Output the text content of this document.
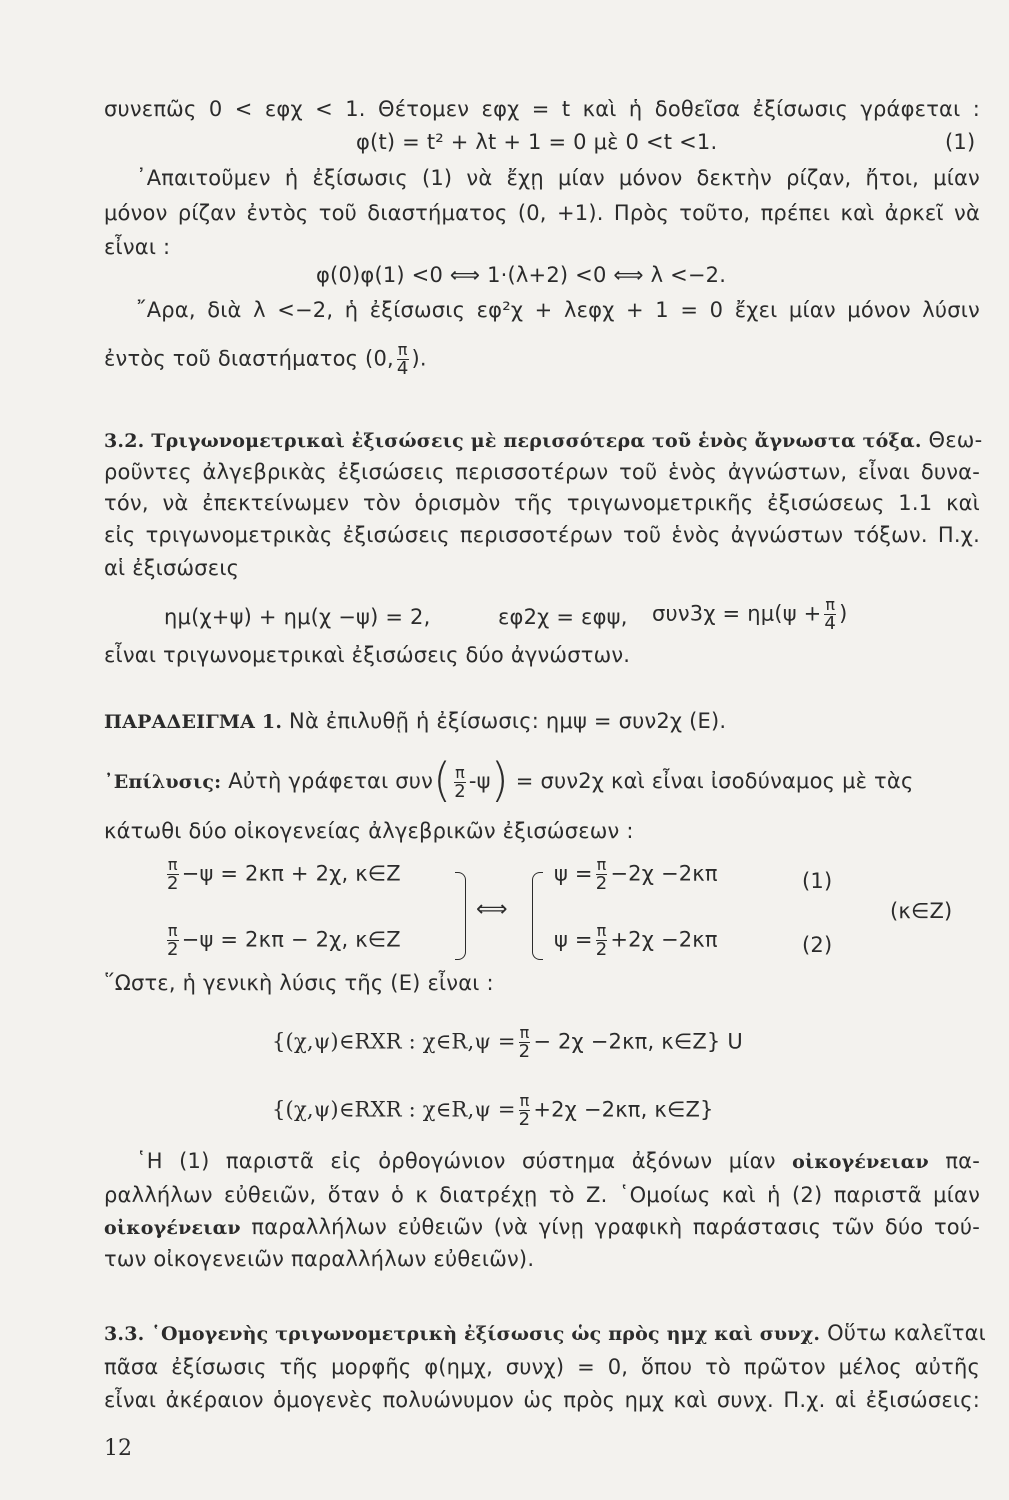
συνεπῶς 0 < εφχ < 1. Θέτομεν εφχ = t καὶ ἡ δοθεῖσα ἐξίσωσις γράφεται :
φ(t) = t² + λt + 1 = 0 μὲ 0 <t <1.	(1)
᾿Απαιτοῦμεν ἡ ἐξίσωσις (1) νὰ ἔχῃ μίαν μόνον δεκτὴν ρίζαν, ἤτοι, μίαν
μόνον ρίζαν ἐντὸς τοῦ διαστήματος (0, +1). Πρὸς τοῦτο, πρέπει καὶ ἀρκεῖ νὰ
εἶναι :
φ(0)φ(1) <0 ⟺ 1·(λ+2) <0 ⟺ λ <−2.
῎Αρα, διὰ λ <−2, ἡ ἐξίσωσις εφ²χ + λεφχ + 1 = 0 ἔχει μίαν μόνον λύσιν
ἐντὸς τοῦ διαστήματος (0, $\frac{\pi}{4}$ ).
3.2. Τριγωνομετρικαὶ ἐξισώσεις μὲ περισσότερα τοῦ ἑνὸς ἄγνωστα τόξα. Θεω-
ροῦντες ἀλγεβρικὰς ἐξισώσεις περισσοτέρων τοῦ ἑνὸς ἀγνώστων, εἶναι δυνα-
τόν, νὰ ἐπεκτείνωμεν τὸν ὁρισμὸν τῆς τριγωνομετρικῆς ἐξισώσεως 1.1 καὶ
εἰς τριγωνομετρικὰς ἐξισώσεις περισσοτέρων τοῦ ἑνὸς ἀγνώστων τόξων. Π.χ.
αἱ ἐξισώσεις
ημ(χ+ψ) + ημ(χ −ψ) = 2,	εφ2χ = εφψ, $\sigma\upsilon\nu 3\chi = \eta\mu(\psi + \frac{\pi}{4}$ )
εἶναι τριγωνομετρικαὶ ἐξισώσεις δύο ἀγνώστων.
ΠΑΡΑΔΕΙΓΜΑ 1. Νὰ ἐπιλυθῇ ἡ ἐξίσωσις: ημψ = συν2χ (Ε).
᾿Επίλυσις: Αὐτὴ γράφεται $\sigma\upsilon\nu( \frac{\pi}{2} -\psi) = \sigma\upsilon\nu 2\chi$ καὶ εἶναι ἰσοδύναμος μὲ τὰς
κάτωθι δύο οἰκογενείας ἀλγεβρικῶν ἐξισώσεων :
$\frac{\pi}{2} -\psi = 2\kappa\pi + 2\chi$, κ∈Ζ
$\frac{\pi}{2} -\psi = 2\kappa\pi - 2\chi$, κ∈Ζ
⟺
$\psi = \frac{\pi}{2} -2\chi -2\kappa\pi$	(1)
$\psi = \frac{\pi}{2} +2\chi -2\kappa\pi$	(2)
(κ∈Ζ)
῞Ωστε, ἡ γενικὴ λύσις τῆς (Ε) εἶναι :
{(χ,ψ)∈RXR : χ∈R,ψ = $\frac{\pi}{2} - 2\chi -2\kappa\pi$, κ∈Ζ} U
{(χ,ψ)∈RXR : χ∈R,ψ = $\frac{\pi}{2} +2\chi -2\kappa\pi$, κ∈Ζ}
῾Η (1) παριστᾶ εἰς ὀρθογώνιον σύστημα ἀξόνων μίαν οἰκογένειαν πα-
ραλλήλων εὐθειῶν, ὅταν ὁ κ διατρέχῃ τὸ Ζ. ῾Ομοίως καὶ ἡ (2) παριστᾶ μίαν
οἰκογένειαν παραλλήλων εὐθειῶν (νὰ γίνῃ γραφικὴ παράστασις τῶν δύο τού-
των οἰκογενειῶν παραλλήλων εὐθειῶν).
3.3. ῾Ομογενὴς τριγωνομετρικὴ ἐξίσωσις ὡς πρὸς ημχ καὶ συνχ. Οὕτω καλεῖται
πᾶσα ἐξίσωσις τῆς μορφῆς φ(ημχ, συνχ) = 0, ὅπου τὸ πρῶτον μέλος αὐτῆς
εἶναι ἀκέραιον ὁμογενὲς πολυώνυμον ὡς πρὸς ημχ καὶ συνχ. Π.χ. αἱ ἐξισώσεις:
12
